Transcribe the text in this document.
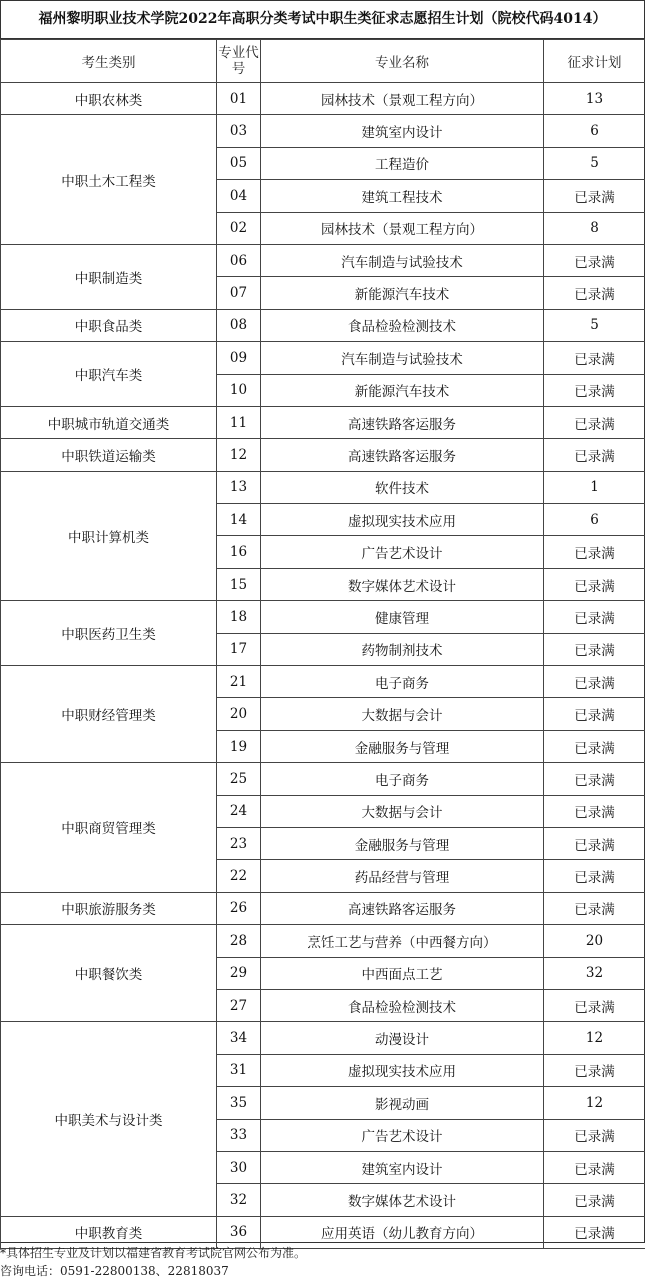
福州黎明职业技术学院2022年高职分类考试中职生类征求志愿招生计划（院校代码4014）
考生类别	专业代号	专业名称	征求计划
中职农林类	01	园林技术（景观工程方向）	13
中职土木工程类	03	建筑室内设计	6
	05	工程造价	5
	04	建筑工程技术	已录满
	02	园林技术（景观工程方向）	8
中职制造类	06	汽车制造与试验技术	已录满
	07	新能源汽车技术	已录满
中职食品类	08	食品检验检测技术	5
中职汽车类	09	汽车制造与试验技术	已录满
	10	新能源汽车技术	已录满
中职城市轨道交通类	11	高速铁路客运服务	已录满
中职铁道运输类	12	高速铁路客运服务	已录满
中职计算机类	13	软件技术	1
	14	虚拟现实技术应用	6
	16	广告艺术设计	已录满
	15	数字媒体艺术设计	已录满
中职医药卫生类	18	健康管理	已录满
	17	药物制剂技术	已录满
中职财经管理类	21	电子商务	已录满
	20	大数据与会计	已录满
	19	金融服务与管理	已录满
中职商贸管理类	25	电子商务	已录满
	24	大数据与会计	已录满
	23	金融服务与管理	已录满
	22	药品经营与管理	已录满
中职旅游服务类	26	高速铁路客运服务	已录满
中职餐饮类	28	烹饪工艺与营养（中西餐方向）	20
	29	中西面点工艺	32
	27	食品检验检测技术	已录满
中职美术与设计类	34	动漫设计	12
	31	虚拟现实技术应用	已录满
	35	影视动画	12
	33	广告艺术设计	已录满
	30	建筑室内设计	已录满
	32	数字媒体艺术设计	已录满
中职教育类	36	应用英语（幼儿教育方向）	已录满
*具体招生专业及计划以福建省教育考试院官网公布为准。
咨询电话：0591-22800138、22818037
